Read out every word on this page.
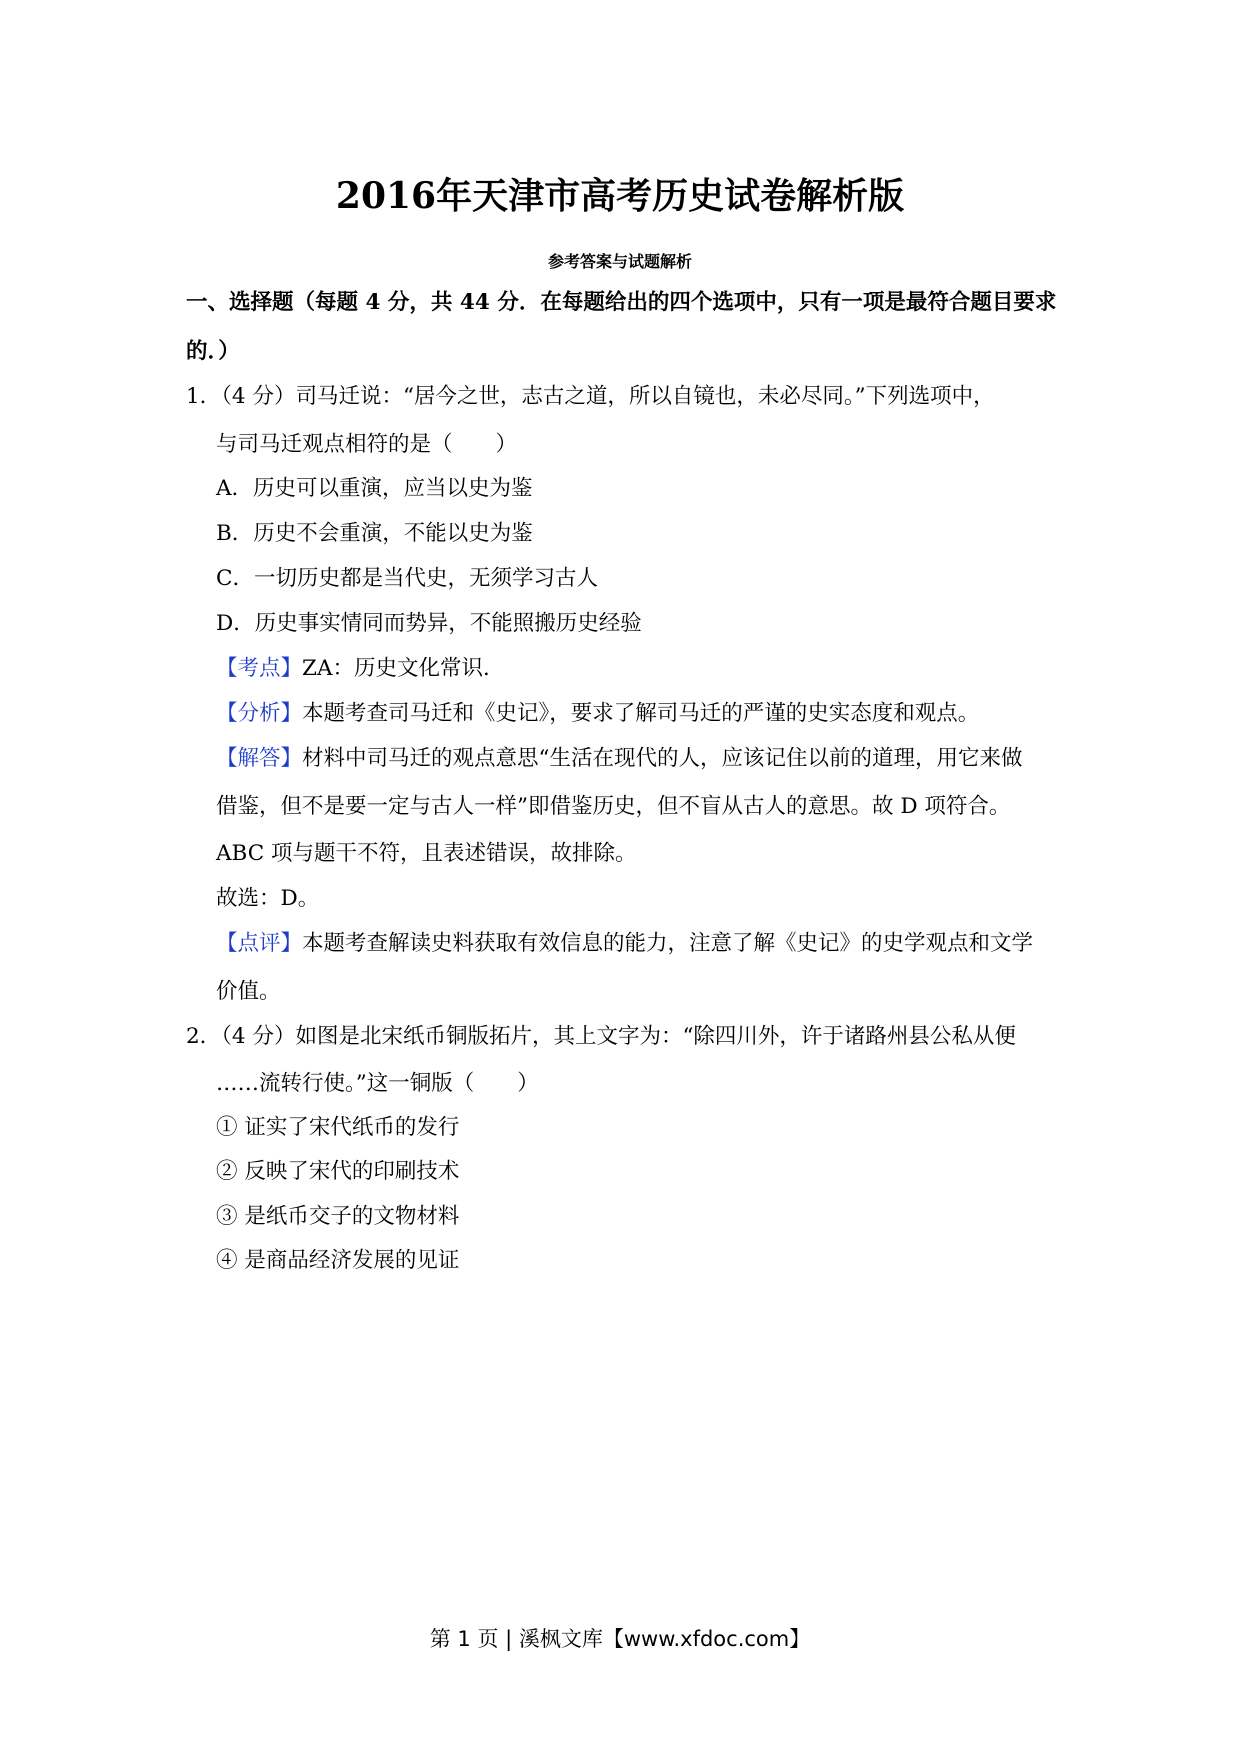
2016年天津市高考历史试卷解析版
参考答案与试题解析
一、选择题（每题 4 分，共 44 分．在每题给出的四个选项中，只有一项是最符合题目要求
的．）
1．（4 分）司马迁说：“居今之世，志古之道，所以自镜也，未必尽同。”下列选项中，
与司马迁观点相符的是（　　）
A．历史可以重演，应当以史为鉴
B．历史不会重演，不能以史为鉴
C．一切历史都是当代史，无须学习古人
D．历史事实情同而势异，不能照搬历史经验
【考点】ZA：历史文化常识．
【分析】本题考查司马迁和《史记》，要求了解司马迁的严谨的史实态度和观点。
【解答】材料中司马迁的观点意思“生活在现代的人，应该记住以前的道理，用它来做
借鉴，但不是要一定与古人一样”即借鉴历史，但不盲从古人的意思。故 D 项符合。
ABC 项与题干不符，且表述错误，故排除。
故选：D。
【点评】本题考查解读史料获取有效信息的能力，注意了解《史记》的史学观点和文学
价值。
2．（4 分）如图是北宋纸币铜版拓片，其上文字为：“除四川外，许于诸路州县公私从便
……流转行使。”这一铜版（　　）
① 证实了宋代纸币的发行
② 反映了宋代的印刷技术
③ 是纸币交子的文物材料
④ 是商品经济发展的见证
第 1 页 | 溪枫文库【www.xfdoc.com】
